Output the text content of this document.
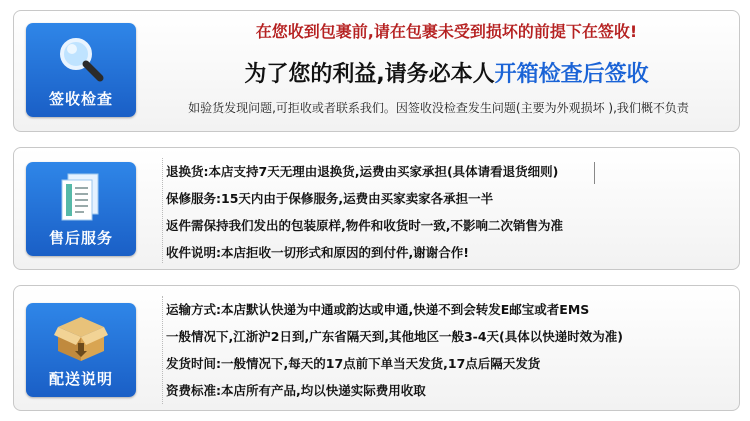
签收检查
在您收到包裹前,请在包裹未受到损坏的前提下在签收!
为了您的利益,请务必本人开箱检查后签收
如验货发现问题,可拒收或者联系我们。因签收没检查发生问题(主要为外观损坏 ),我们概不负责
售后服务
退换货:本店支持7天无理由退换货,运费由买家承担(具体请看退货细则)
保修服务:15天内由于保修服务,运费由买家卖家各承担一半
返件需保持我们发出的包装原样,物件和收货时一致,不影响二次销售为准
收件说明:本店拒收一切形式和原因的到付件,谢谢合作!
配送说明
运输方式:本店默认快递为中通或韵达或申通,快递不到会转发E邮宝或者EMS
一般情况下,江浙沪2日到,广东省隔天到,其他地区一般3-4天(具体以快递时效为准)
发货时间:一般情况下,每天的17点前下单当天发货,17点后隔天发货
资费标准:本店所有产品,均以快递实际费用收取
